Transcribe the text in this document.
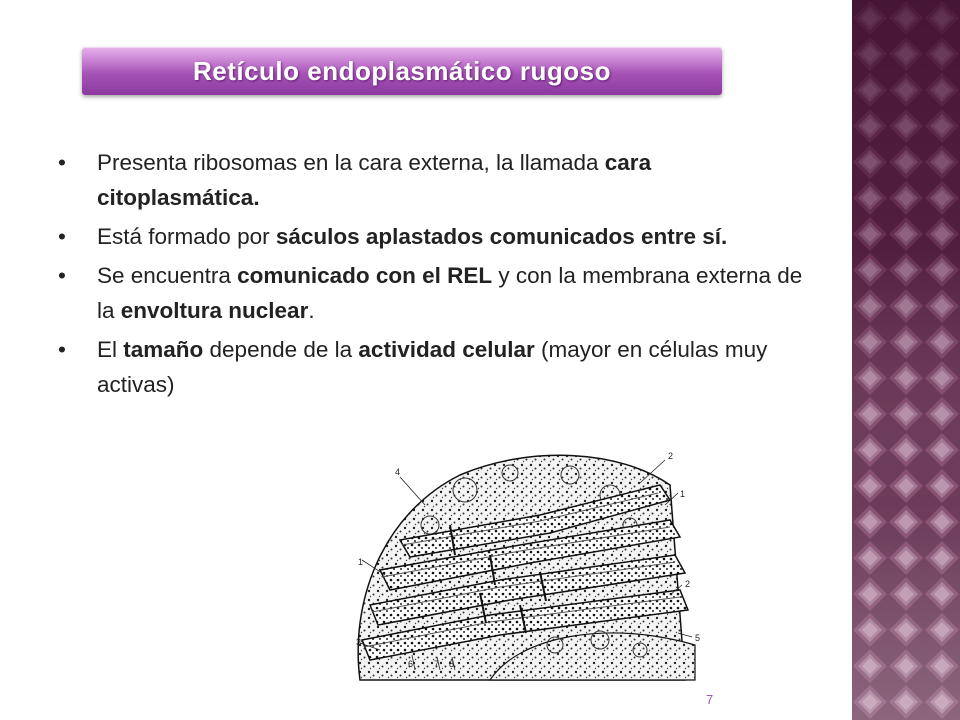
Retículo endoplasmático rugoso
• Presenta ribosomas en la cara externa, la llamada cara citoplasmática.
• Está formado por sáculos aplastados comunicados entre sí.
• Se encuentra comunicado con el REL y con la membrana externa de la envoltura nuclear.
• El tamaño depende de la actividad celular (mayor en células muy activas)
1
1
2
2
3
4
5
6 7 8
7
